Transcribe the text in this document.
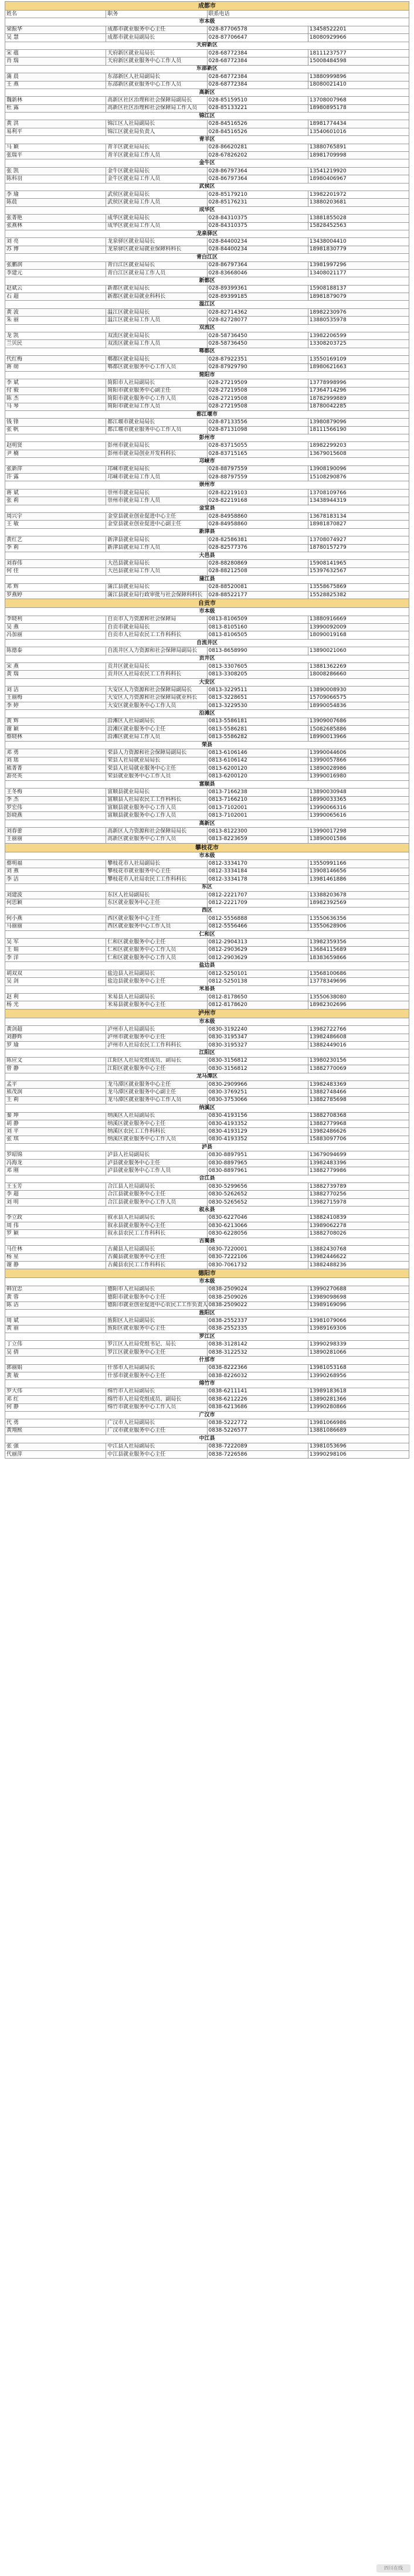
成都市			
姓名	职务	联系电话	
市本级			
梁振华	成都市就业服务中心主任	028-87706578	13458522201
吴 慧	成都市就业局副局长	028-87706647	18080929966
天府新区			
宋 蕴	天府新区就业局局长	028-68772384	18111237577
肖 瑞	天府新区就业服务中心工作人员	028-68772384	15008484598
东部新区			
蒲 晨	东部新区人社局副局长	028-68772384	13880999896
王 燕	东部新区就业服务中心工作人员	028-68772384	18080021410
高新区			
魏新林	高新区社区治理和社会保障局副局长	028-85159510	13708007968
杜 露	高新区社区治理和社会保障局工作人员	028-85133221	18980895178
锦江区			
黄 洪	锦江区人社局副局长	028-84516526	18981774434
易利平	锦江区就业局负责人	028-84516526	13540601016
青羊区			
马 颖	青羊区就业局局长	028-86620281	13880765891
张瑞平	青羊区就业局工作人员	028-67826202	18981709998
金牛区			
张 凯	金牛区就业局局长	028-86797364	13541219920
陈科羽	金牛区就业局工作人员	028-86797364	18980406967
武侯区			
李 瑜	武侯区就业局局长	028-85179210	13982201972
陈晨	武侯区就业局工作人员	028-85176231	13880203681
成华区			
张菁艳	成华区就业局局长	028-84310375	13881855028
张燕林	成华区就业局工作人员	028-84310375	15828452563
龙泉驿区			
刘 亮	龙泉驿区就业局局长	028-84400234	13438004410
苏 博	龙泉驿区就业局就业保障科科长	028-84400234	18981830779
青白江区			
张鹏润	青白江区就业局局长	028-86797364	13981997296
李建元	青白江区就业局工作人员	028-83668046	13408021177
新都区			
赵斌云	新都区就业局局长	028-89399361	15908188137
石 超	新都区就业局就业科科长	028-89399185	18981879079
温江区			
黄 波	温江区就业局局长	028-82714362	18982230976
朱 丽	温江区就业局工作人员	028-82728077	13880535978
双流区			
龙 凯	双流区就业局局长	028-58736450	13982206599
兰贝民	双流区就业局工作人员	028-58736450	13308203725
郫都区			
代红梅	郫都区就业局局长	028-87922351	13550169109
蒋 勋	郫都区就业服务中心工作人员	028-87929790	18980621663
简阳市			
李 斌	简阳市人社局副局长	028-27219509	13778998996
付 毅	简阳市就业服务中心副主任	028-27219508	17364714296
陈 杰	简阳市就业服务中心工作人员	028-27219508	18782999889
马 琴	简阳市就业局工作人员	028-27219508	18780042285
都江堰市			
钱 锋	都江堰市就业局局长	028-87133556	13980879096
张 帆	都江堰市就业服务中心工作人员	028-87131098	18111566190
彭州市			
赵明贤	彭州市就业局局长	028-83715055	18982299203
尹 楠	彭州市就业局创业开发科科长	028-83715165	13679015608
邛崃市			
张新萍	邛崃市就业局局长	028-88797559	13908190096
许 露	邛崃市就业局工作人员	028-88797559	15108290876
崇州市			
蒋 斌	崇州市就业局局长	028-82219103	13708109766
张 莉	崇州市就业局工作人员	028-82219168	13438944319
金堂县			
周兴宇	金堂县就业创业促进中心主任	028-84958860	13678183134
王 敏	金堂县就业创业促进中心副主任	028-84958860	18981870827
新津县			
黄红艺	新津县就业局局长	028-82586381	13708074927
李 莉	新津县就业局工作人员	028-82577376	18780157279
大邑县			
刘春伟	大邑县就业局局长	028-88280869	15908141965
何 佳	大邑县就业局工作人员	028-88212508	15397632567
蒲江县			
邓 辉	蒲江县就业局局长	028-88520081	13558675869
罗燕婷	蒲江县就业局行政审批与社会保障科科长	028-88522177	15528825382
自贡市			
市本级			
李晓利	自贡市人力资源和社会保障局	0813-8106509	13880916669
吴 燕	自贡市就业局局长	0813-8105160	13990092009
冯加丽	自贡市人社局农民工工作科科长	0813-8106505	18090019168
自流井区			
陈德泰	自流井区人力资源和社会保障局副局长	0813-8658990	13890021060
贡井区			
宋 燕	贡井区就业局局长	0813-3307605	13881362269
黄 瑞	贡井区人社局农民工工作科科长	0813-3308205	18008286660
大安区			
刘 洁	大安区人力资源和社会保障局副局长	0813-3229511	13890008930
王丽梅	大安区人力资源和社会保障局就业科长	0813-3228651	15709066575
李 婷	大安区就业服务中心工作人员	0813-3229530	18990054836
沿滩区			
黄 辉	沿滩区人社局副局长	0813-5586181	13909007686
谢 颖	沿滩区就业服务中心主任	0813-5586281	15082685886
蔡晓林	沿滩区就业局工作人员	0813-5586282	18990013966
荣县			
邓 勇	荣县人力资源和社会保障局副局长	0813-6106146	13990044606
刘 瑶	荣县人社局就业局局长	0813-6106142	13990057866
熊菁菁	荣县人社局就业服务中心主任	0813-6200120	13890028986
游亮英	荣县就业服务中心工作人员	0813-6200120	13990016980
富顺县			
王冬梅	富顺县就业局局长	0813-7166238	13890030948
李 杰	富顺县人社局农民工工作科科长	0813-7166210	18990033365
罗宏伟	富顺县就业服务中心工作人员	0813-7102001	13990066316
彭晓燕	富顺县就业服务中心工作人员	0813-7102001	13990065616
高新区			
刘春蕾	高新区人力资源和社会保障局局长	0813-8122300	13990017298
王丽丽	高新区就业服务中心工作人员	0813-8223659	13890001586
攀枝花市			
市本级			
蔡明福	攀枝花市人社局副局长	0812-3334170	13550991166
刘 燕	攀枝花市就业服务中心主任	0812-3334184	13908146656
李 洁	攀枝花市人社局农民工工作科科长	0812-3334178	13981461886
东区			
刘建波	东区人社局副局长	0812-2221707	13388203678
何思颖	东区就业服务中心主任	0812-2221709	18982392569
西区			
何小燕	西区就业服务中心主任	0812-5556888	13550636356
马丽丽	西区就业服务中心工作人员	0812-5556466	13550628906
仁和区			
吴 军	仁和区就业服务中心主任	0812-2904313	13982359356
王 娟	仁和区就业服务中心工作人员	0812-2903629	13684115689
李 洋	仁和区就业服务中心工作人员	0812-2903629	18383659866
盐边县			
胡双双	盐边县人社局副局长	0812-5250101	13568100686
吴 剑	盐边县就业服务中心主任	0812-5250138	13778349696
米易县			
赵 利	米易县人社局副局长	0812-8178650	13550638080
杨 光	米易县就业服务中心主任	0812-8178620	18982302696
泸州市			
市本级			
黄剑超	泸州市人社局副局长	0830-3192240	13982722766
刘静辉	泸州市就业服务中心主任	0830-3195347	13982486608
罗 瑜	泸州市人社局农民工工作科科长	0830-3195327	13882449016
江阳区			
陈应文	江阳区人社局党组成员、副局长	0830-3156812	13980230156
曾 静	江阳区就业服务中心主任	0830-3156812	13882770069
龙马潭区			
孟平	龙马潭区就业服务中心主任	0830-2909966	13982483369
熊茂润	龙马潭区就业服务中心副主任	0830-3769251	13882748466
王 莉	龙马潭区就业服务中心工作人员	0830-3753066	13882785698
纳溪区			
秦 坤	纳溪区人社局副局长	0830-4193156	13882708368
胡 静	纳溪区就业服务中心主任	0830-4193352	13882779968
刘 平	纳溪区农民工工作科科长	0830-4193129	13982486626
张 琪	纳溪区就业服务中心工作人员	0830-4193352	15883097706
泸县			
罗昭锦	泸县人社局副局长	0830-8897951	13679094699
冯海龙	泸县就业服务中心主任	0830-8897965	13982483396
邓 刚	泸县就业服务中心工作人员	0830-8897961	13882779986
合江县			
王玉芳	合江县人社局副局长	0830-5299656	13882739789
李 超	合江县就业服务中心主任	0830-5262652	13882770256
刘 明	合江县就业服务中心工作人员	0830-5265652	13982715978
叙永县			
李立政	叙永县人社局副局长	0830-6227046	13882410839
周 伟	叙永县就业服务中心主任	0830-6213066	13989062278
罗 颖	叙永县农民工工作科科长	0830-6228056	13882708026
古蔺县			
马仕林	古蔺县人社局副局长	0830-7220001	13882430768
杨 星	古蔺县就业服务中心主任	0830-7222106	13982446622
谢 静	古蔺县农民工工作科科长	0830-7061732	13882488236
德阳市			
市本级			
韩宜忠	德阳市人社局副局长	0838-2509024	13990270688
黄 蓉	德阳市就业服务中心主任	0838-2509026	13989098698
陈 洁	德阳市就业创业促进中心农民工工作负责人	0838-2509022	13989169096
旌阳区			
周 斌	旌阳区人社局副局长	0838-2552337	13981079066
黄 丽	旌阳区就业服务中心主任	0838-2552335	13989169306
罗江区			
丁立伟	罗江区人社局党组书记、局长	0838-3128142	13990298339
吴 倩	罗江区就业服务中心主任	0838-3122532	13890281066
什邡市			
郭丽娟	什邡市人社局副局长	0838-8222366	13981053168
黄 敏	什邡市就业服务中心主任	0838-8226032	13990268956
绵竹市			
罗大伟	绵竹市人社局副局长	0838-6211141	13989183618
邓 红	绵竹市人社局党组成员、副局长	0838-6212226	13890281366
何 静	绵竹市就业服务中心工作人员	0838-6213686	13990280866
广汉市			
代 勇	广汉市人社局副局长	0838-5222772	13981066986
黄翔熙	广汉市就业服务中心主任	0838-5226577	13881086689
中江县			
张 强	中江县人社局副局长	0838-7222089	13981053696
代丽萍	中江县就业服务中心主任	0838-7226586	13990298106
四川在线
